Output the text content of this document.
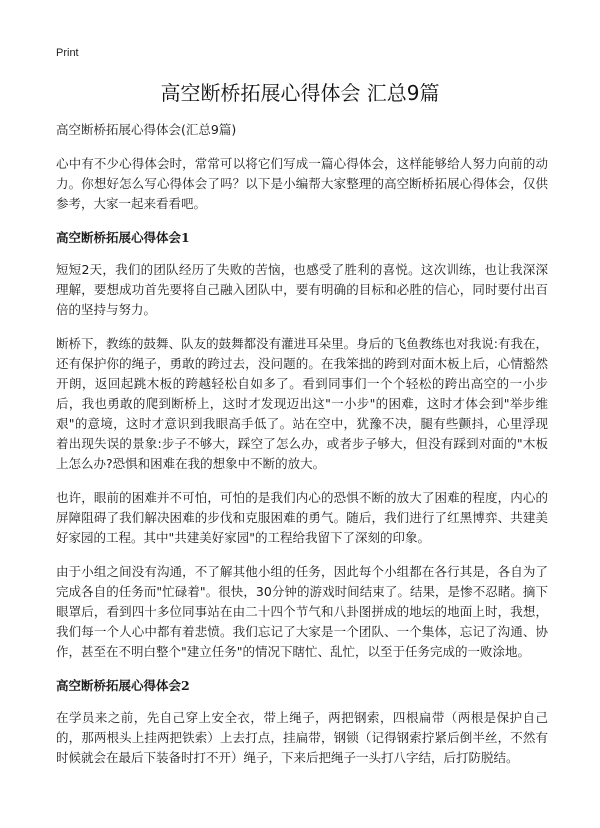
Print
高空断桥拓展心得体会 汇总9篇
高空断桥拓展心得体会(汇总9篇)

心中有不少心得体会时，常常可以将它们写成一篇心得体会，这样能够给人努力向前的动力。你想好怎么写心得体会了吗？以下是小编帮大家整理的高空断桥拓展心得体会，仅供参考，大家一起来看看吧。

高空断桥拓展心得体会1

短短2天，我们的团队经历了失败的苦恼，也感受了胜利的喜悦。这次训练，也让我深深理解，要想成功首先要将自己融入团队中，要有明确的目标和必胜的信心，同时要付出百倍的坚持与努力。

断桥下，教练的鼓舞、队友的鼓舞都没有灌进耳朵里。身后的飞鱼教练也对我说:有我在，还有保护你的绳子，勇敢的跨过去，没问题的。在我笨拙的跨到对面木板上后，心情豁然开朗，返回起跳木板的跨越轻松自如多了。看到同事们一个个轻松的跨出高空的一小步后，我也勇敢的爬到断桥上，这时才发现迈出这"一小步"的困难，这时才体会到"举步维艰"的意境，这时才意识到我眼高手低了。站在空中，犹豫不决，腿有些颤抖，心里浮现着出现失误的景象:步子不够大，踩空了怎么办，或者步子够大，但没有踩到对面的"木板上怎么办?恐惧和困难在我的想象中不断的放大。

也许，眼前的困难并不可怕，可怕的是我们内心的恐惧不断的放大了困难的程度，内心的屏障阻碍了我们解决困难的步伐和克服困难的勇气。随后，我们进行了红黑博弈、共建美好家园的工程。其中"共建美好家园"的工程给我留下了深刻的印象。

由于小组之间没有沟通，不了解其他小组的任务，因此每个小组都在各行其是，各自为了完成各自的任务而"忙碌着"。很快，30分钟的游戏时间结束了。结果，是惨不忍睹。摘下眼罩后，看到四十多位同事站在由二十四个节气和八卦图拼成的地坛的地面上时，我想，我们每一个人心中都有着悲愤。我们忘记了大家是一个团队、一个集体，忘记了沟通、协作，甚至在不明白整个"建立任务"的情况下瞎忙、乱忙，以至于任务完成的一败涂地。

高空断桥拓展心得体会2

在学员来之前，先自己穿上安全衣，带上绳子，两把钢索，四根扁带（两根是保护自己的，那两根头上挂两把铁索）上去打点，挂扁带，钢锁（记得钢索拧紧后倒半丝，不然有时候就会在最后下装备时打不开）绳子，下来后把绳子一头打八字结，后打防脱结。
